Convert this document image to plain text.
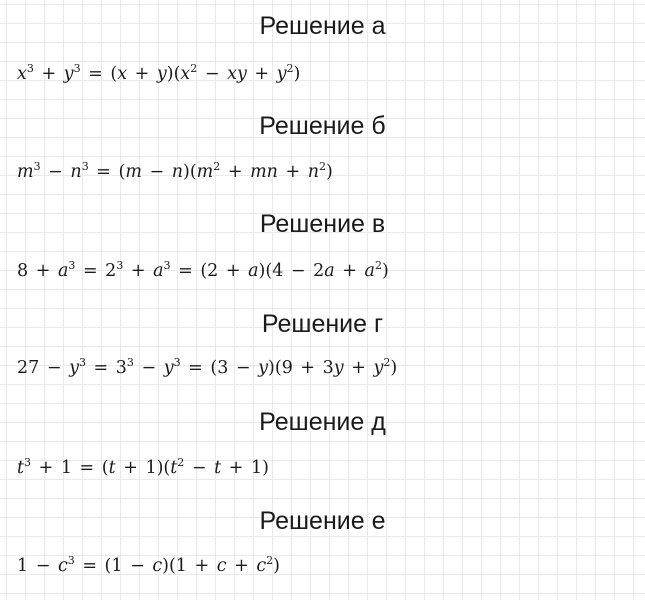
Решение а
$x^3 + y^3 = (x + y)(x^2$ − xy + $y^2$)
Решение б
$m^3 - n^3 = (m - n)(m^2$ + mn + $n^2$)
Решение в
$8 + a^3 = 2^3 + a^3 = (2 + a)(4 - 2a + a^2)$
Решение г
$27 - y^3 = 3^3 - y^3 = (3 - y)(9 + 3y + y^2)$
Решение д
$t^3 + 1 = (t + 1)(t^2 - t + 1)$
Решение е
$1 - c^3 = (1 - c)(1 + c + c^2)$
